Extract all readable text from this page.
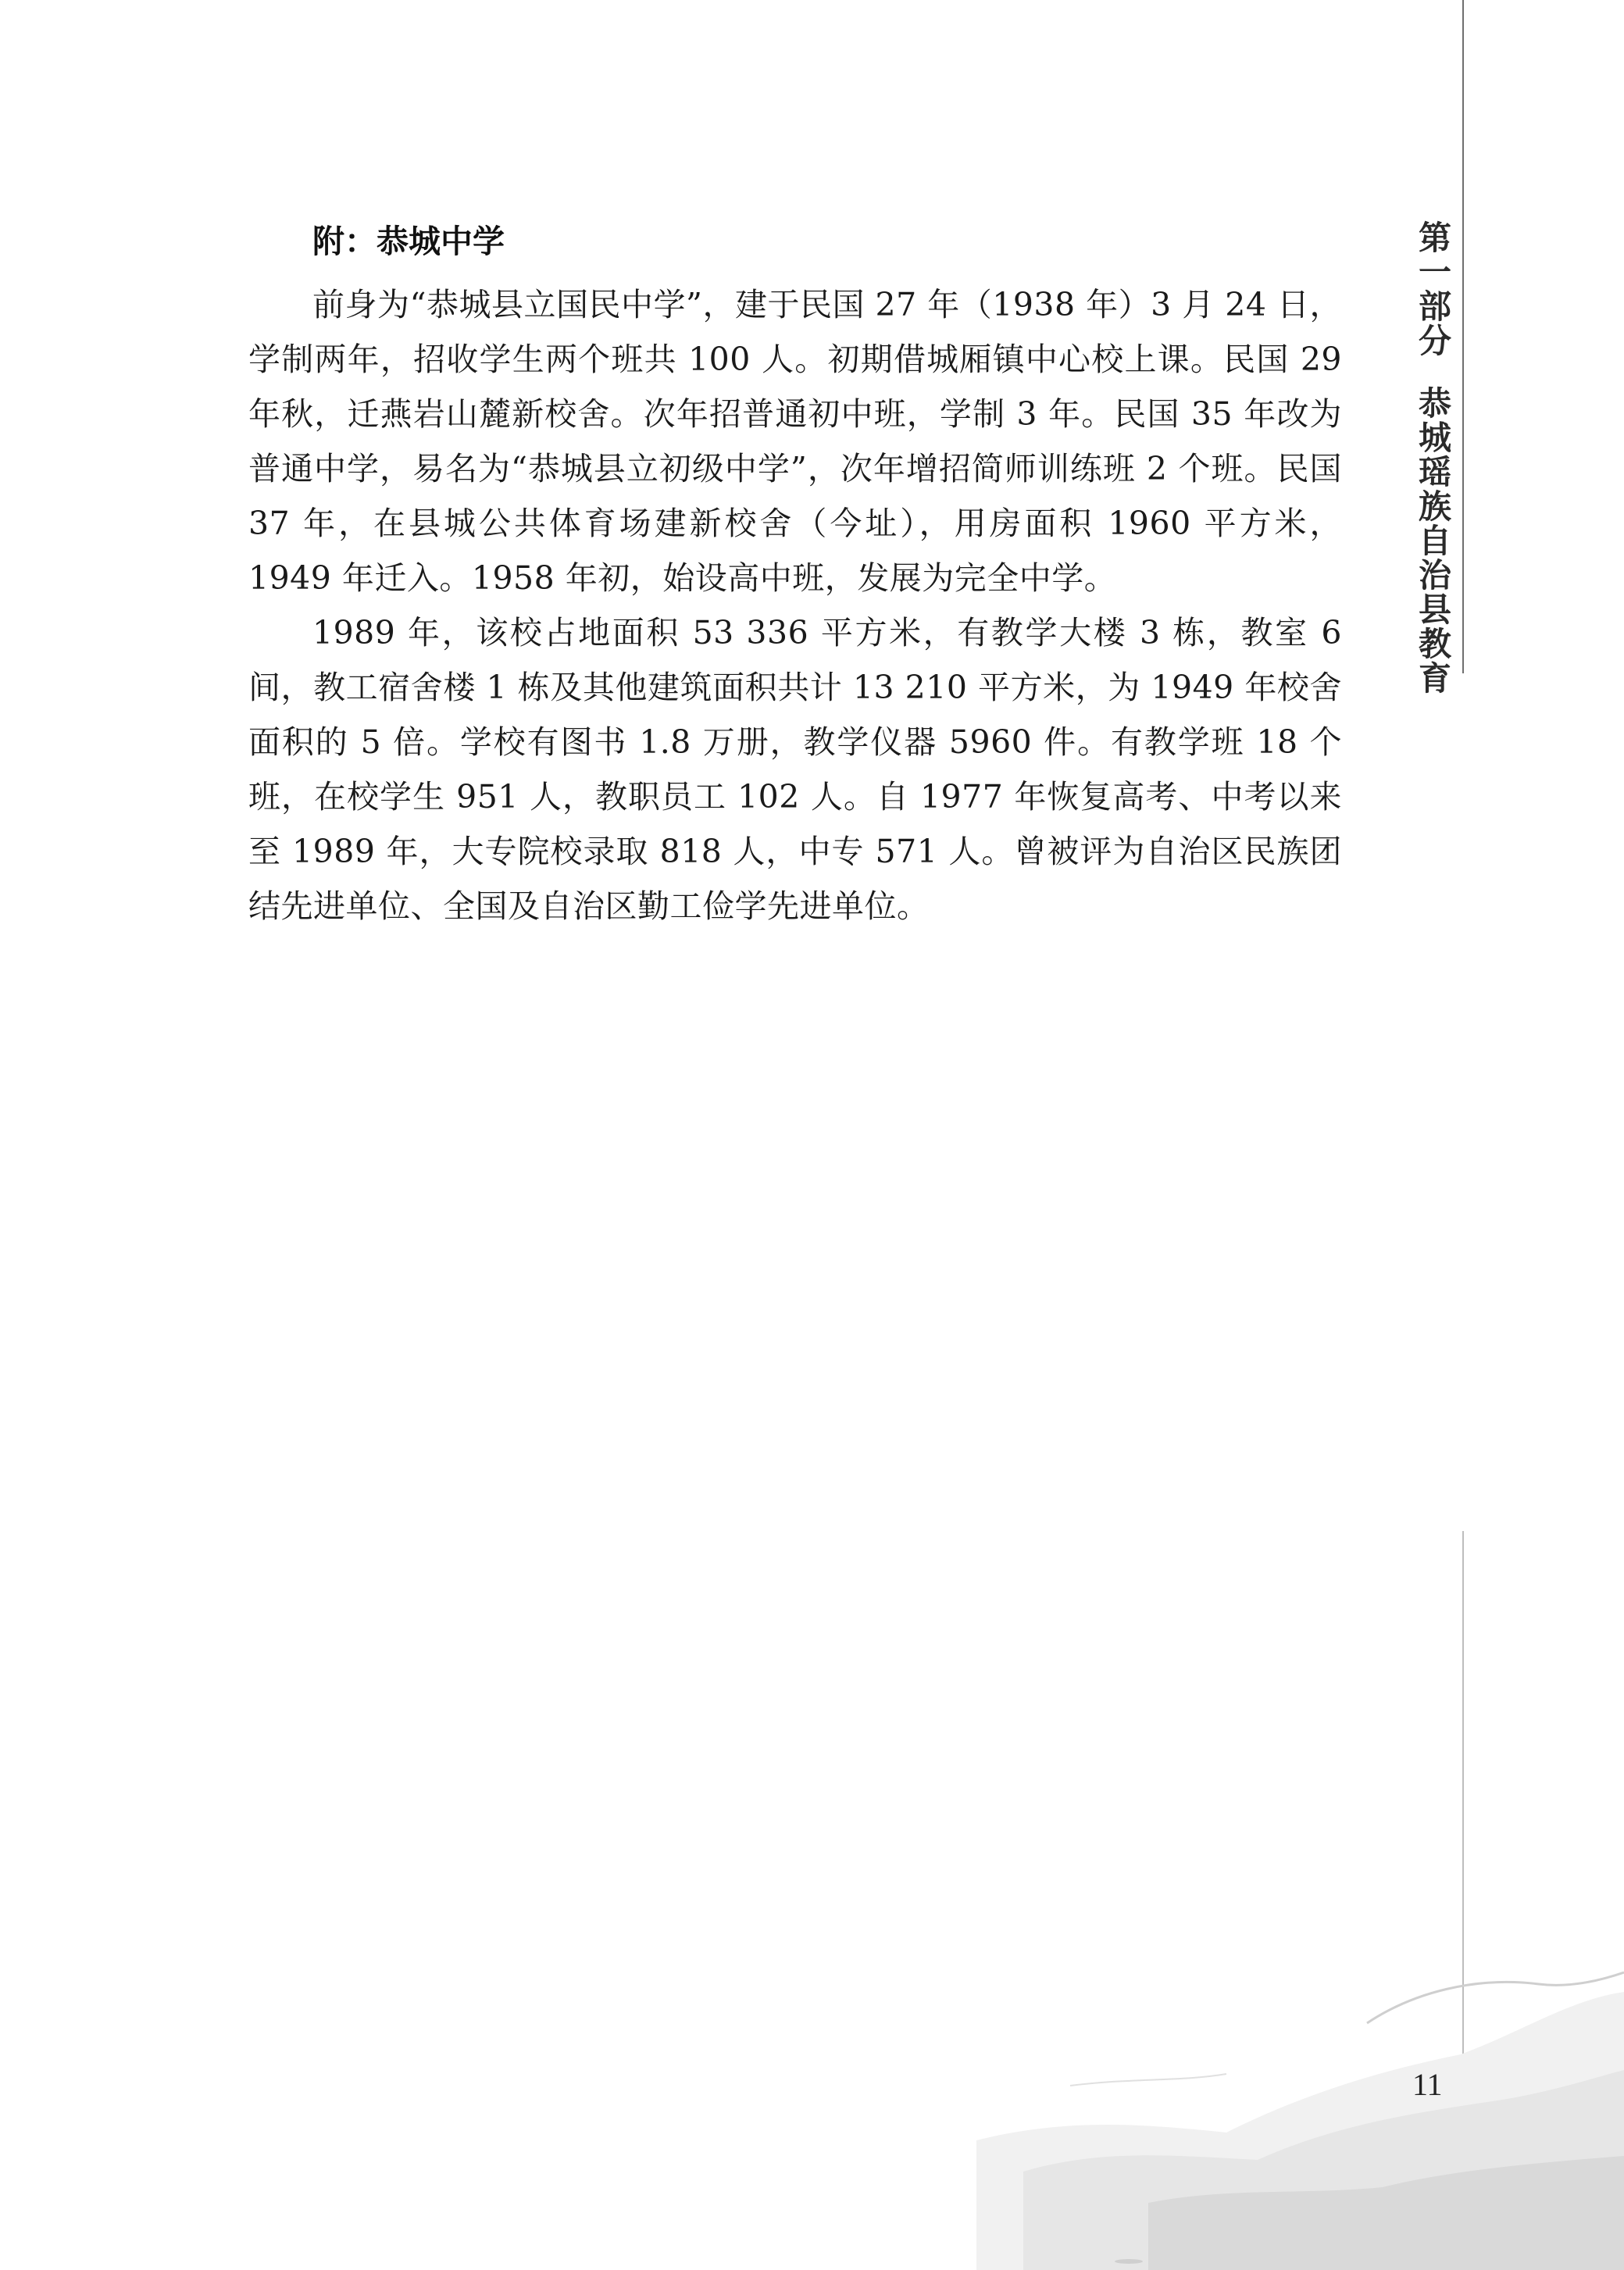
第一部分恭城瑶族自治县教育
附：恭城中学

前身为“恭城县立国民中学”，建于民国 27 年（1938 年）3 月 24 日，学制两年，招收学生两个班共 100 人。初期借城厢镇中心校上课。民国 29 年秋，迁燕岩山麓新校舍。次年招普通初中班，学制 3 年。民国 35 年改为普通中学，易名为“恭城县立初级中学”，次年增招简师训练班 2 个班。民国 37 年，在县城公共体育场建新校舍（今址），用房面积 1960 平方米，1949 年迁入。1958 年初，始设高中班，发展为完全中学。

1989 年，该校占地面积 53 336 平方米，有教学大楼 3 栋，教室 6 间，教工宿舍楼 1 栋及其他建筑面积共计 13 210 平方米，为 1949 年校舍面积的 5 倍。学校有图书 1.8 万册，教学仪器 5960 件。有教学班 18 个班，在校学生 951 人，教职员工 102 人。自 1977 年恢复高考、中考以来至 1989 年，大专院校录取 818 人，中专 571 人。曾被评为自治区民族团结先进单位、全国及自治区勤工俭学先进单位。

11
